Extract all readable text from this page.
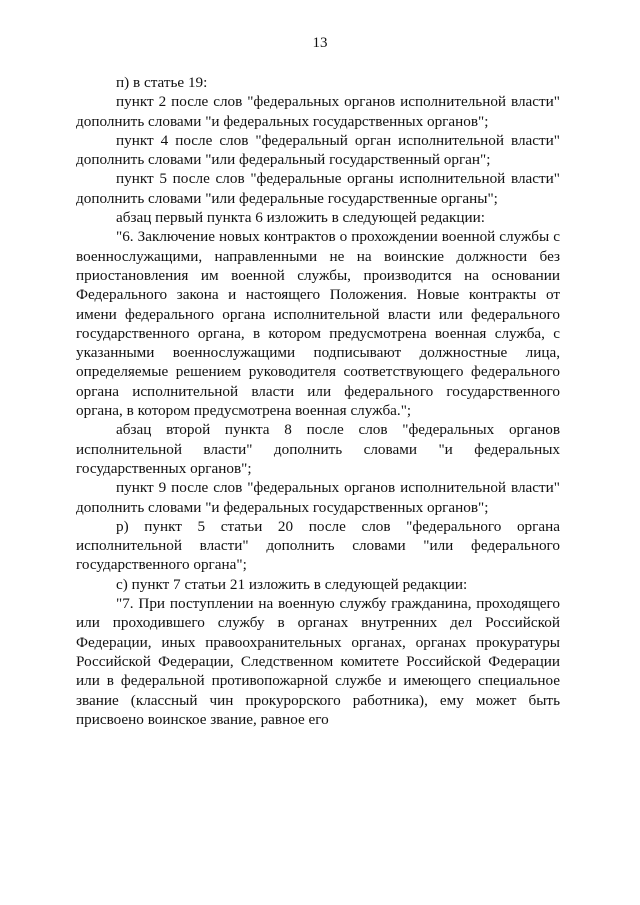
13

п) в статье 19:

пункт 2 после слов "федеральных органов исполнительной власти" дополнить словами "и федеральных государственных органов";

пункт 4 после слов "федеральный орган исполнительной власти" дополнить словами "или федеральный государственный орган";

пункт 5 после слов "федеральные органы исполнительной власти" дополнить словами "или федеральные государственные органы";

абзац первый пункта 6 изложить в следующей редакции:

"6. Заключение новых контрактов о прохождении военной службы с военнослужащими, направленными не на воинские должности без приостановления им военной службы, производится на основании Федерального закона и настоящего Положения. Новые контракты от имени федерального органа исполнительной власти или федерального государственного органа, в котором предусмотрена военная служба, с указанными военнослужащими подписывают должностные лица, определяемые решением руководителя соответствующего федерального органа исполнительной власти или федерального государственного органа, в котором предусмотрена военная служба.";

абзац второй пункта 8 после слов "федеральных органов исполнительной власти" дополнить словами "и федеральных государственных органов";

пункт 9 после слов "федеральных органов исполнительной власти" дополнить словами "и федеральных государственных органов";

р) пункт 5 статьи 20 после слов "федерального органа исполнительной власти" дополнить словами "или федерального государственного органа";

с) пункт 7 статьи 21 изложить в следующей редакции:

"7. При поступлении на военную службу гражданина, проходящего или проходившего службу в органах внутренних дел Российской Федерации, иных правоохранительных органах, органах прокуратуры Российской Федерации, Следственном комитете Российской Федерации или в федеральной противопожарной службе и имеющего специальное звание (классный чин прокурорского работника), ему может быть присвоено воинское звание, равное его
